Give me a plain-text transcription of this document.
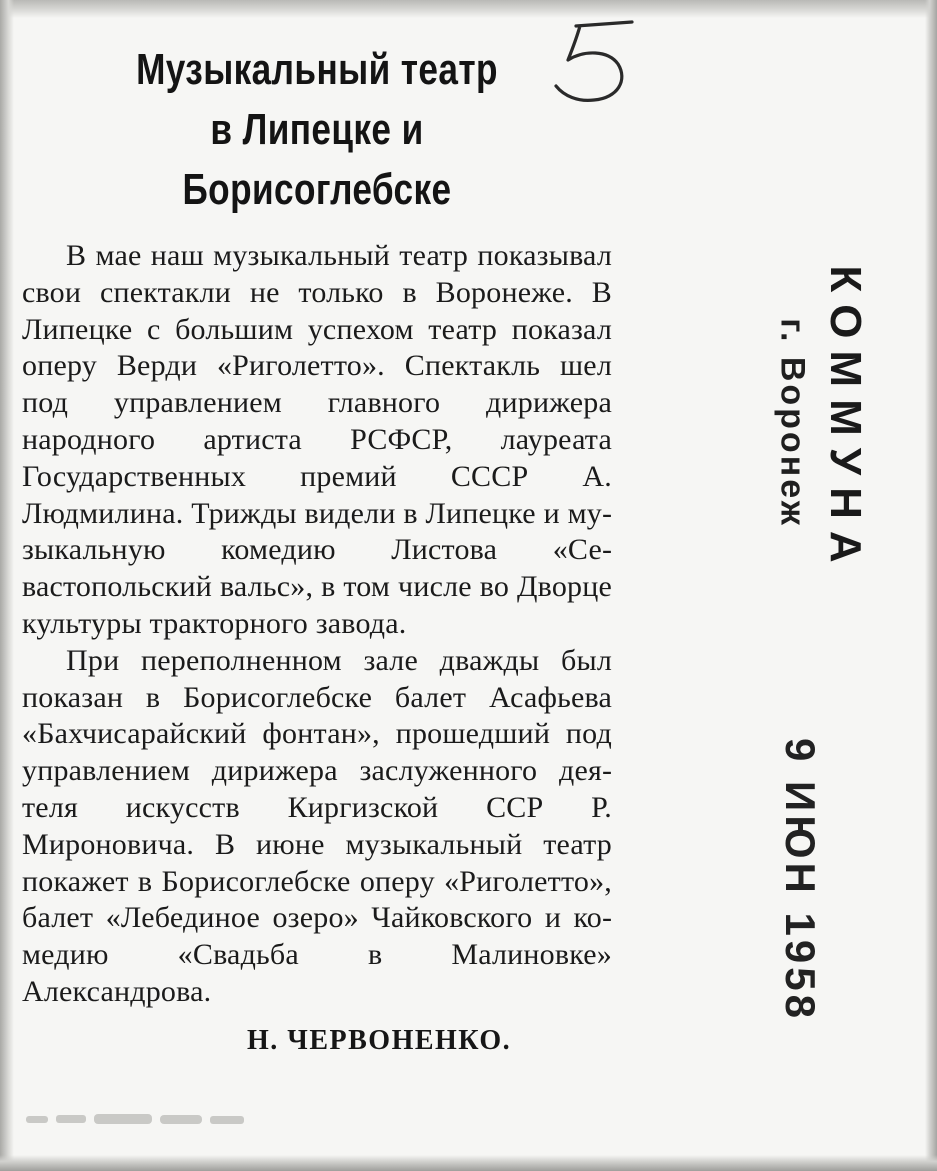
Музыкальный театр
в Липецке и Борисоглебске

В мае наш музыкальный театр показывал свои спектакли не только в Воронеже. В Липецке с большим успехом театр показал оперу Верди «Риголетто». Спектакль шел под управлением главного дирижера народного артиста РСФСР, лауреата Государственных премий СССР А. Людмилина. Трижды видели в Липецке и музыкальную комедию Листова «Севастопольский вальс», в том числе во Дворце культуры тракторного завода.

При переполненном зале дважды был показан в Борисоглебске балет Асафьева «Бахчисарайский фонтан», прошедший под управлением дирижера заслуженного деятеля искусств Киргизской ССР Р. Мироновича. В июне музыкальный театр покажет в Борисоглебске оперу «Риголетто», балет «Лебединое озеро» Чайковского и комедию «Свадьба в Малиновке» Александрова.

Н. ЧЕРВОНЕНКО.
КОММУНА
г. Воронеж
9 ИЮН 1958
